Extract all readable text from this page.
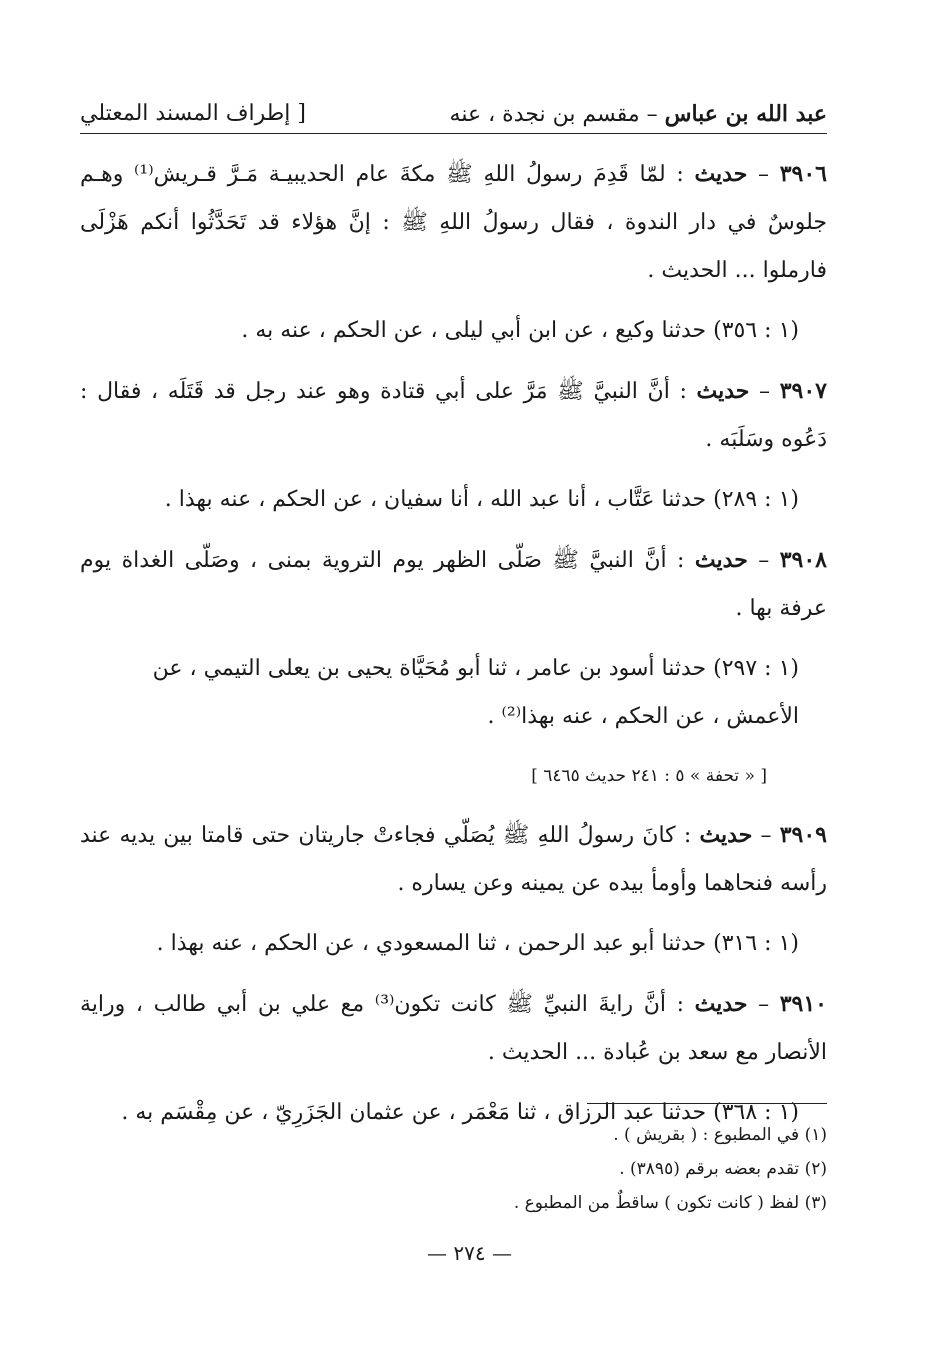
عبد الله بن عباس – مقسم بن نجدة ، عنه
[ إطراف المسند المعتلي

٣٩٠٦ – حديث : لمّا قَدِمَ رسولُ اللهِ ﷺ مكةَ عام الحديبيـة مَـرَّ قـريش⁽¹⁾ وهـم جلوسٌ في دار الندوة ، فقال رسولُ اللهِ ﷺ : إنَّ هؤلاء قد تَحَدَّثُوا أنكم هَزْلَى فارملوا ... الحديث .

(١ : ٣٥٦) حدثنا وكيع ، عن ابن أبي ليلى ، عن الحكم ، عنه به .

٣٩٠٧ – حديث : أنَّ النبيَّ ﷺ مَرَّ على أبي قتادة وهو عند رجل قد قَتَلَه ، فقال : دَعُوه وسَلَبَه .

(١ : ٢٨٩) حدثنا عَتَّاب ، أنا عبد الله ، أنا سفيان ، عن الحكم ، عنه بهذا .

٣٩٠٨ – حديث : أنَّ النبيَّ ﷺ صَلّى الظهر يوم التروية بمنى ، وصَلّى الغداة يوم عرفة بها .

(١ : ٢٩٧) حدثنا أسود بن عامر ، ثنا أبو مُحَيَّاة يحيى بن يعلى التيمي ، عن الأعمش ، عن الحكم ، عنه بهذا⁽²⁾ .

[ « تحفة » ٥ : ٢٤١ حديث ٦٤٦٥ ]

٣٩٠٩ – حديث : كانَ رسولُ اللهِ ﷺ يُصَلّي فجاءتْ جاريتان حتى قامتا بين يديه عند رأسه فنحاهما وأومأ بيده عن يمينه وعن يساره .

(١ : ٣١٦) حدثنا أبو عبد الرحمن ، ثنا المسعودي ، عن الحكم ، عنه بهذا .

٣٩١٠ – حديث : أنَّ رايةَ النبيِّ ﷺ كانت تكون⁽³⁾ مع علي بن أبي طالب ، وراية الأنصار مع سعد بن عُبادة ... الحديث .

(١ : ٣٦٨) حدثنا عبد الرزاق ، ثنا مَعْمَر ، عن عثمان الجَزَرِيّ ، عن مِقْسَم به .

(١) في المطبوع : ( بقريش ) .

(٢) تقدم بعضه برقم (٣٨٩٥) .

(٣) لفظ ( كانت تكون ) ساقطٌ من المطبوع .

— ٢٧٤ —
